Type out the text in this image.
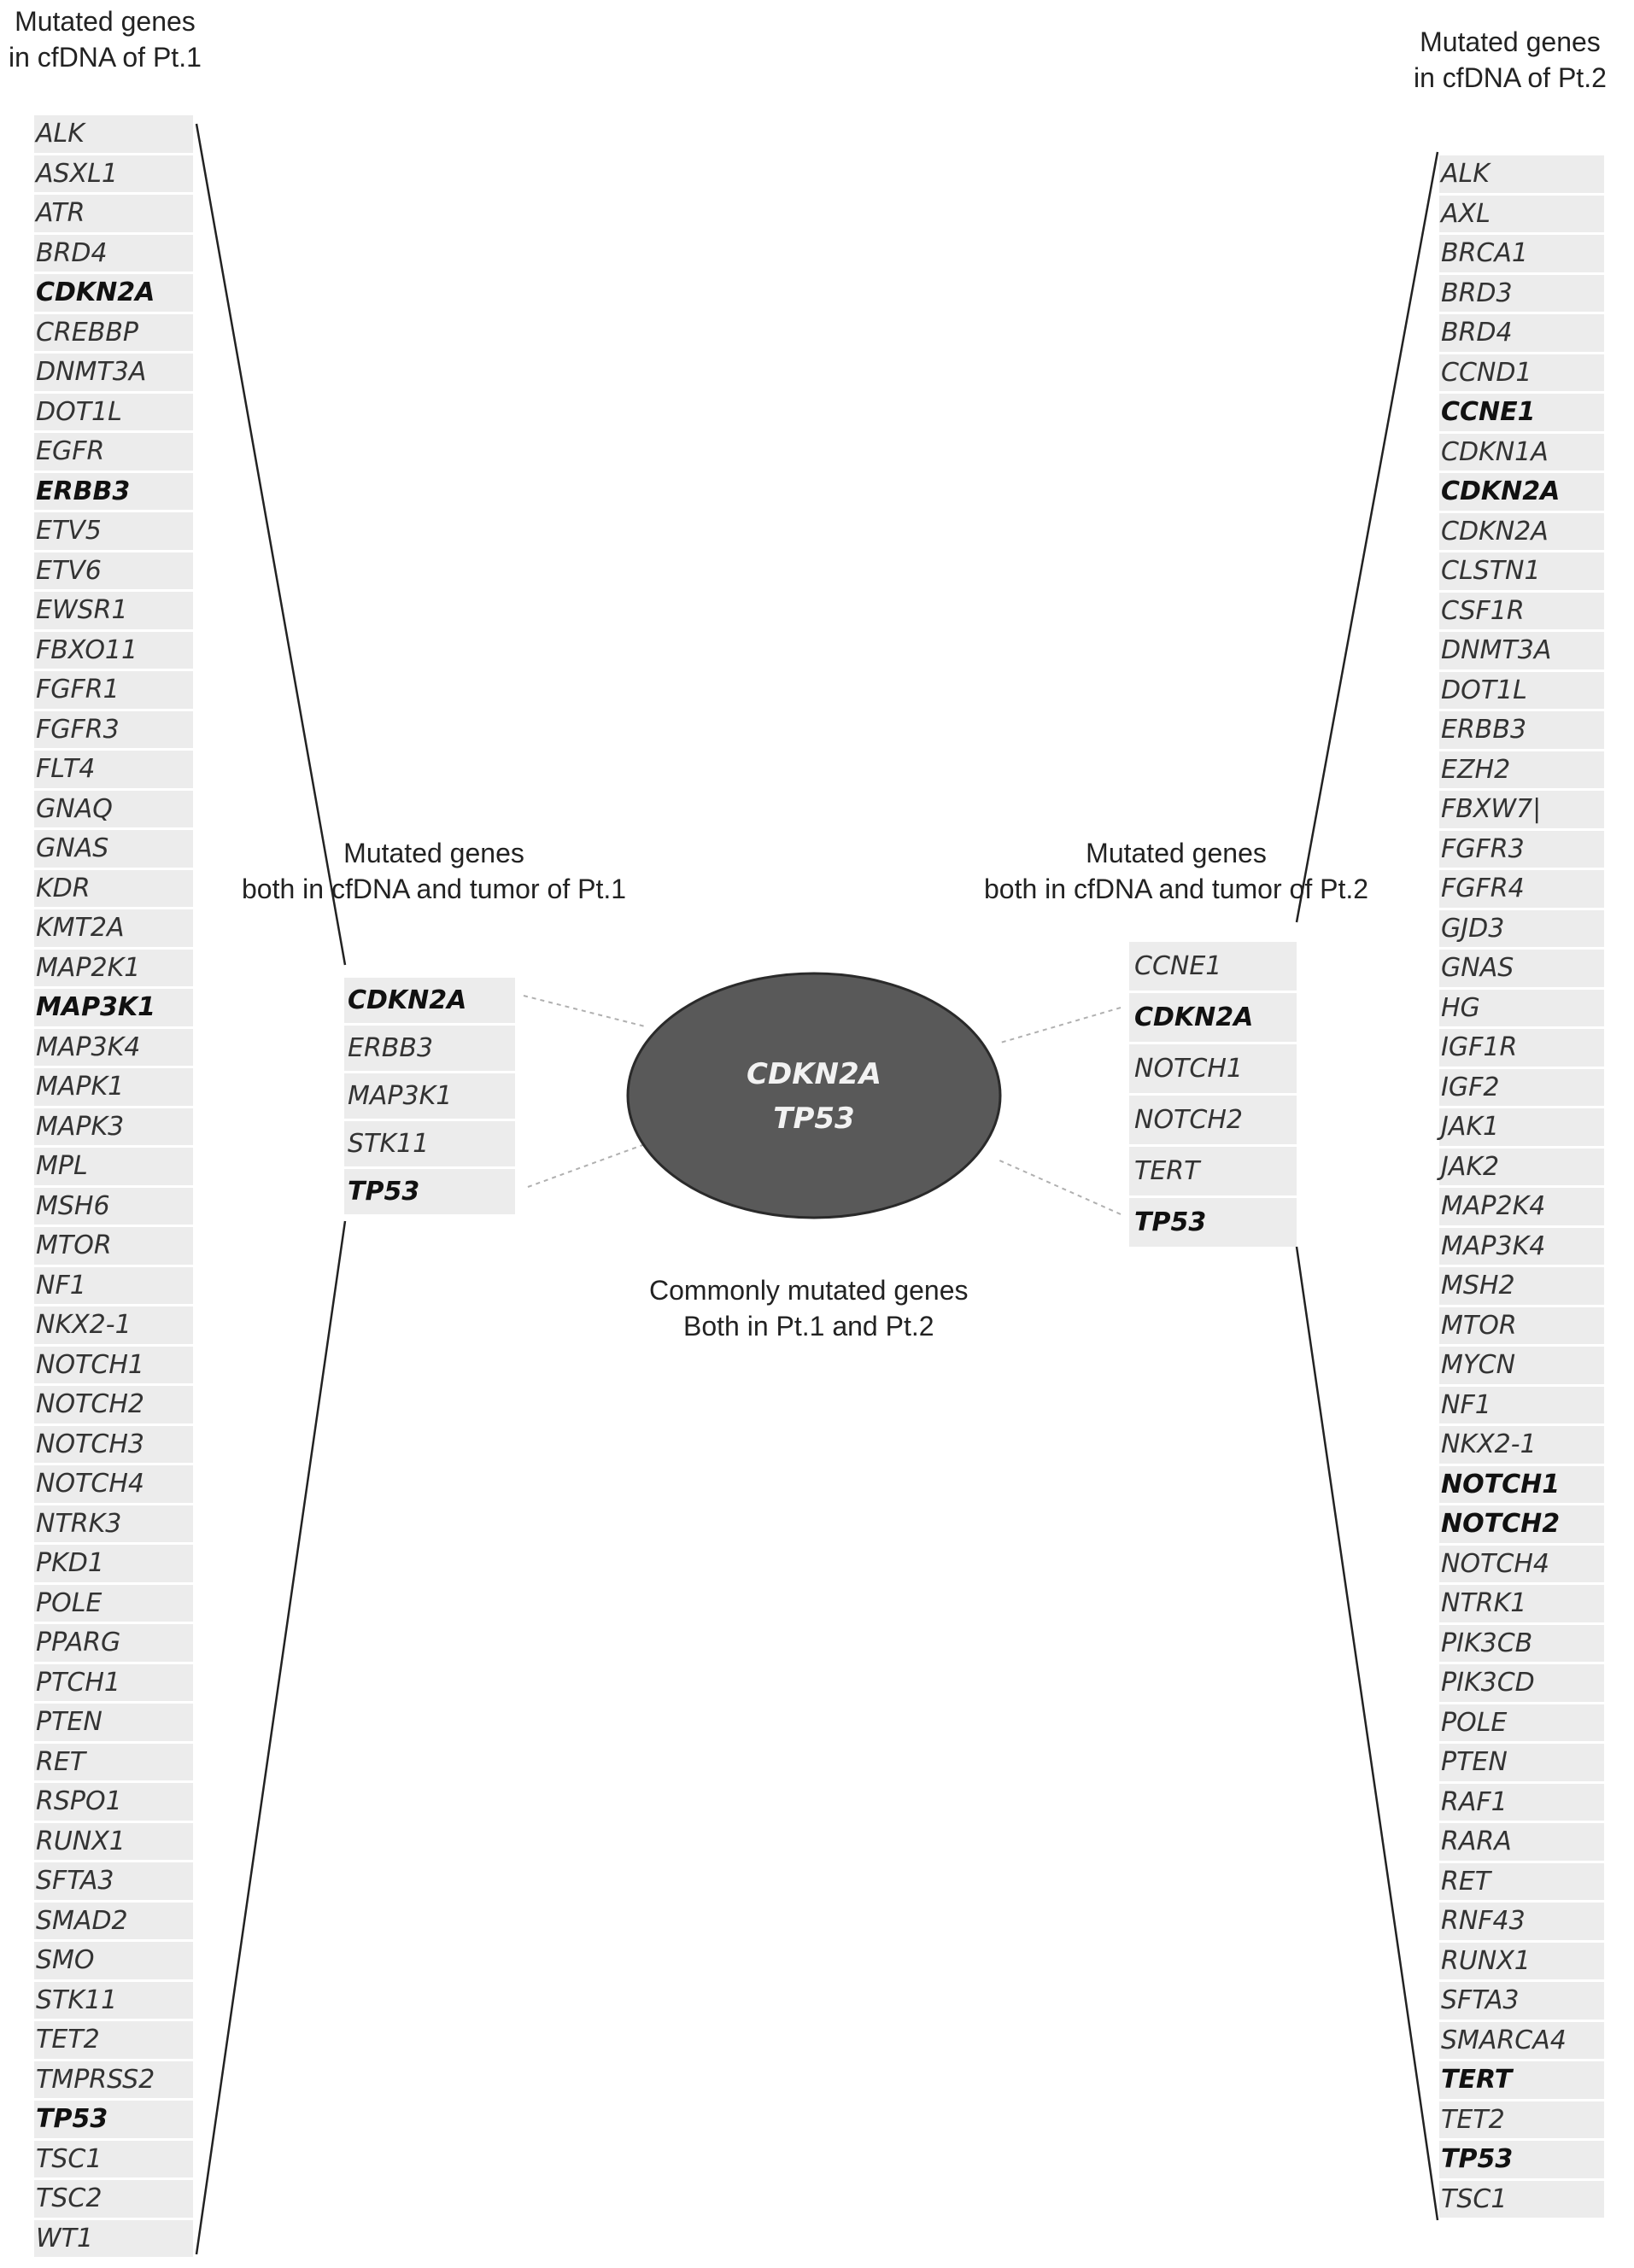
Mutated genes
in cfDNA of Pt.1	Mutated genes
in cfDNA of Pt.2
Mutated genes
both in cfDNA and tumor of Pt.1
Mutated genes
both in cfDNA and tumor of Pt.2
Commonly mutated genes
Both in Pt.1 and Pt.2
ALK
ASXL1
ATR
BRD4
CDKN2A
CREBBP
DNMT3A
DOT1L
EGFR
ERBB3
ETV5
ETV6
EWSR1
FBXO11
FGFR1
FGFR3
FLT4
GNAQ
GNAS
KDR
KMT2A
MAP2K1
MAP3K1
MAP3K4
MAPK1
MAPK3
MPL
MSH6
MTOR
NF1
NKX2-1
NOTCH1
NOTCH2
NOTCH3
NOTCH4
NTRK3
PKD1
POLE
PPARG
PTCH1
PTEN
RET
RSPO1
RUNX1
SFTA3
SMAD2
SMO
STK11
TET2
TMPRSS2
TP53
TSC1
TSC2
WT1
ALK
AXL
BRCA1
BRD3
BRD4
CCND1
CCNE1
CDKN1A
CDKN2A
CDKN2A
CLSTN1
CSF1R
DNMT3A
DOT1L
ERBB3
EZH2
FBXW7|
FGFR3
FGFR4
GJD3
GNAS
HG
IGF1R
IGF2
JAK1
JAK2
MAP2K4
MAP3K4
MSH2
MTOR
MYCN
NF1
NKX2-1
NOTCH1
NOTCH2
NOTCH4
NTRK1
PIK3CB
PIK3CD
POLE
PTEN
RAF1
RARA
RET
RNF43
RUNX1
SFTA3
SMARCA4
TERT
TET2
TP53
TSC1
CDKN2A
ERBB3
MAP3K1
STK11
TP53
CCNE1
CDKN2A
NOTCH1
NOTCH2
TERT
TP53
CDKN2A
TP53
